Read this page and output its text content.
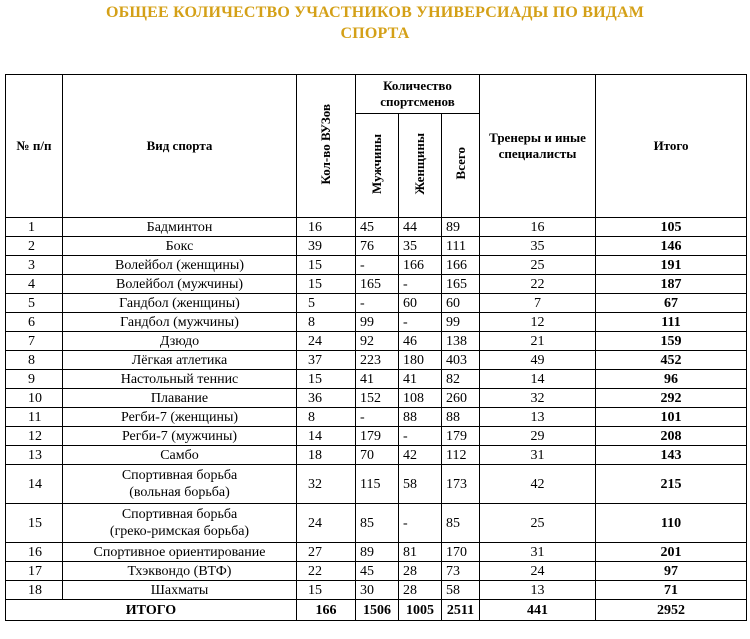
ОБЩЕЕ КОЛИЧЕСТВО УЧАСТНИКОВ УНИВЕРСИАДЫ ПО ВИДАМ
СПОРТА
№ п/п	Вид спорта	Кол-во ВУЗов	Количество спортсменов			Тренеры и иные специалисты	Итого
			Мужчины	Женщины	Всего		
1	Бадминтон	16	45	44	89	16	105
2	Бокс	39	76	35	111	35	146
3	Волейбол (женщины)	15	-	166	166	25	191
4	Волейбол (мужчины)	15	165	-	165	22	187
5	Гандбол (женщины)	5	-	60	60	7	67
6	Гандбол (мужчины)	8	99	-	99	12	111
7	Дзюдо	24	92	46	138	21	159
8	Лёгкая атлетика	37	223	180	403	49	452
9	Настольный теннис	15	41	41	82	14	96
10	Плавание	36	152	108	260	32	292
11	Регби-7 (женщины)	8	-	88	88	13	101
12	Регби-7 (мужчины)	14	179	-	179	29	208
13	Самбо	18	70	42	112	31	143
14	Спортивная борьба
(вольная борьба)	32	115	58	173	42	215
15	Спортивная борьба
(греко-римская борьба)	24	85	-	85	25	110
16	Спортивное ориентирование	27	89	81	170	31	201
17	Тхэквондо (ВТФ)	22	45	28	73	24	97
18	Шахматы	15	30	28	58	13	71
ИТОГО		166	1506	1005	2511	441	2952
